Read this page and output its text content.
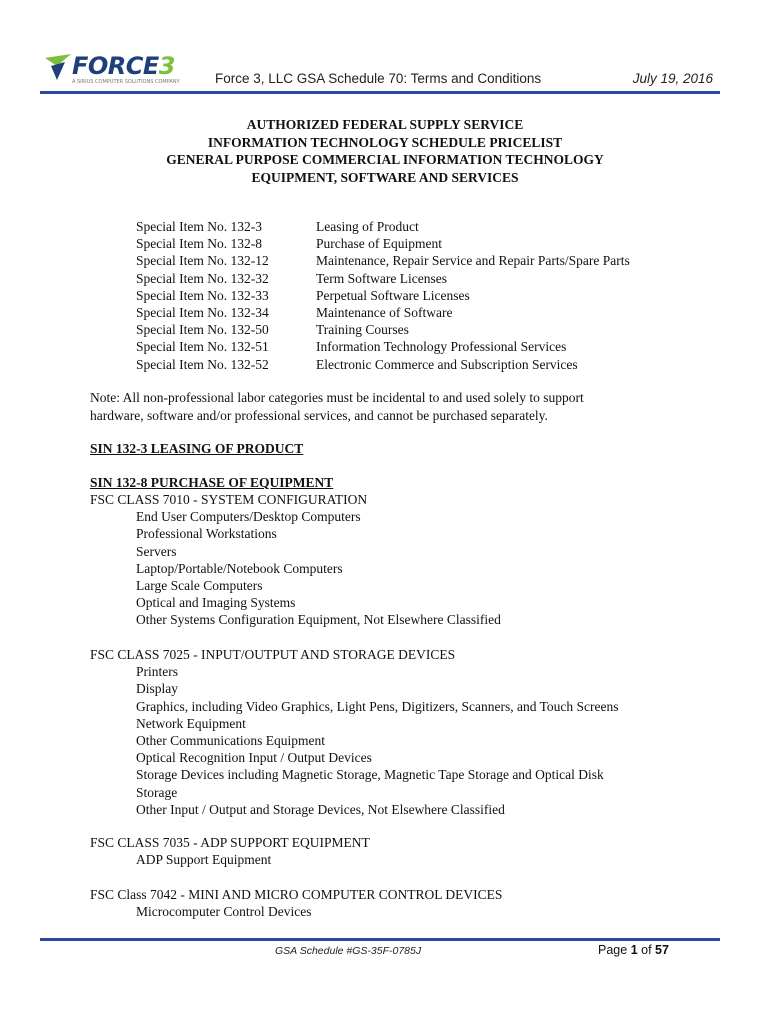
FORCE3
A SIRIUS COMPUTER SOLUTIONS COMPANY	Force 3, LLC GSA Schedule 70: Terms and Conditions	July 19, 2016
AUTHORIZED FEDERAL SUPPLY SERVICE
INFORMATION TECHNOLOGY SCHEDULE PRICELIST
GENERAL PURPOSE COMMERCIAL INFORMATION TECHNOLOGY
EQUIPMENT, SOFTWARE AND SERVICES
Special Item No. 132-3	Leasing of Product
Special Item No. 132-8	Purchase of Equipment
Special Item No. 132-12	Maintenance, Repair Service and Repair Parts/Spare Parts
Special Item No. 132-32	Term Software Licenses
Special Item No. 132-33	Perpetual Software Licenses
Special Item No. 132-34	Maintenance of Software
Special Item No. 132-50	Training Courses
Special Item No. 132-51	Information Technology Professional Services
Special Item No. 132-52	Electronic Commerce and Subscription Services
Note: All non-professional labor categories must be incidental to and used solely to support
hardware, software and/or professional services, and cannot be purchased separately.
SIN 132-3 LEASING OF PRODUCT
SIN 132-8 PURCHASE OF EQUIPMENT
FSC CLASS 7010 - SYSTEM CONFIGURATION
End User Computers/Desktop Computers
Professional Workstations
Servers
Laptop/Portable/Notebook Computers
Large Scale Computers
Optical and Imaging Systems
Other Systems Configuration Equipment, Not Elsewhere Classified
FSC CLASS 7025 - INPUT/OUTPUT AND STORAGE DEVICES
Printers
Display
Graphics, including Video Graphics, Light Pens, Digitizers, Scanners, and Touch Screens
Network Equipment
Other Communications Equipment
Optical Recognition Input / Output Devices
Storage Devices including Magnetic Storage, Magnetic Tape Storage and Optical Disk
Storage
Other Input / Output and Storage Devices, Not Elsewhere Classified
FSC CLASS 7035 - ADP SUPPORT EQUIPMENT
ADP Support Equipment
FSC Class 7042 - MINI AND MICRO COMPUTER CONTROL DEVICES
Microcomputer Control Devices
GSA Schedule #GS-35F-0785J	Page 1 of 57
